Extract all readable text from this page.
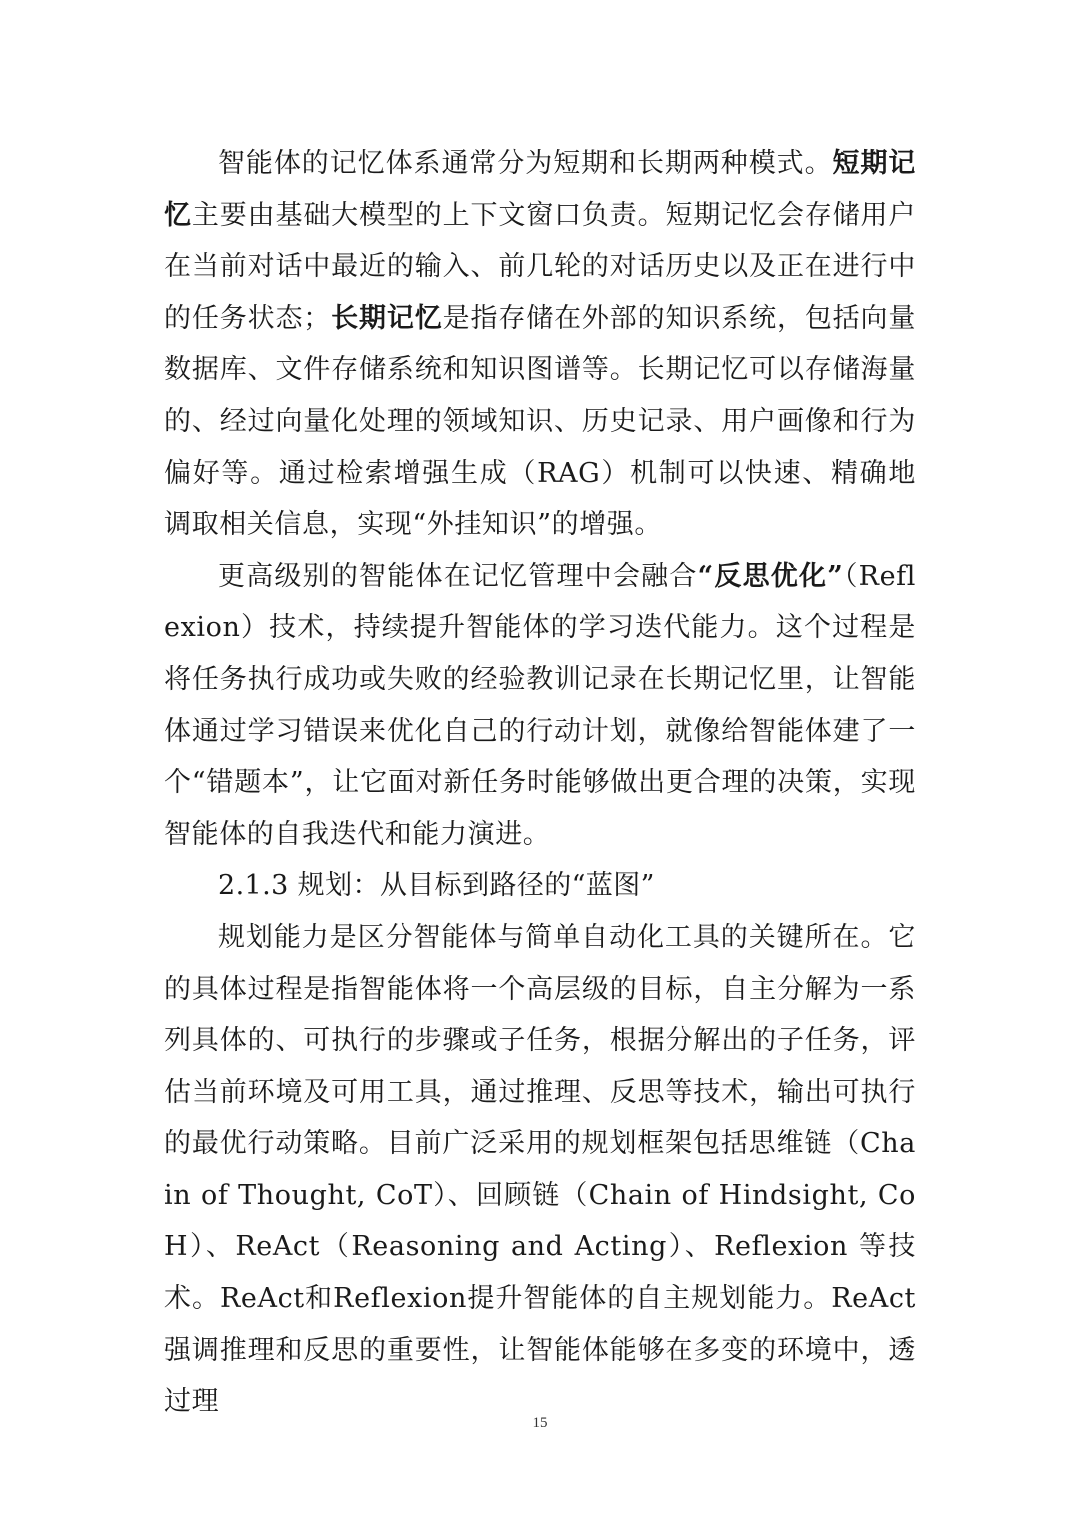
智能体的记忆体系通常分为短期和长期两种模式。短期记忆主要由基础大模型的上下文窗口负责。短期记忆会存储用户在当前对话中最近的输入、前几轮的对话历史以及正在进行中的任务状态；长期记忆是指存储在外部的知识系统，包括向量数据库、文件存储系统和知识图谱等。长期记忆可以存储海量的、经过向量化处理的领域知识、历史记录、用户画像和行为偏好等。通过检索增强生成（RAG）机制可以快速、精确地调取相关信息，实现“外挂知识”的增强。

更高级别的智能体在记忆管理中会融合“反思优化”（Reflexion）技术，持续提升智能体的学习迭代能力。这个过程是将任务执行成功或失败的经验教训记录在长期记忆里，让智能体通过学习错误来优化自己的行动计划，就像给智能体建了一个“错题本”，让它面对新任务时能够做出更合理的决策，实现智能体的自我迭代和能力演进。

2.1.3 规划：从目标到路径的“蓝图”

规划能力是区分智能体与简单自动化工具的关键所在。它的具体过程是指智能体将一个高层级的目标，自主分解为一系列具体的、可执行的步骤或子任务，根据分解出的子任务，评估当前环境及可用工具，通过推理、反思等技术，输出可执行的最优行动策略。目前广泛采用的规划框架包括思维链（Chain of Thought, CoT）、回顾链（Chain of Hindsight, CoH）、ReAct（Reasoning and Acting）、Reflexion 等技术。ReAct和Reflexion提升智能体的自主规划能力。ReAct强调推理和反思的重要性，让智能体能够在多变的环境中，透过理

15
